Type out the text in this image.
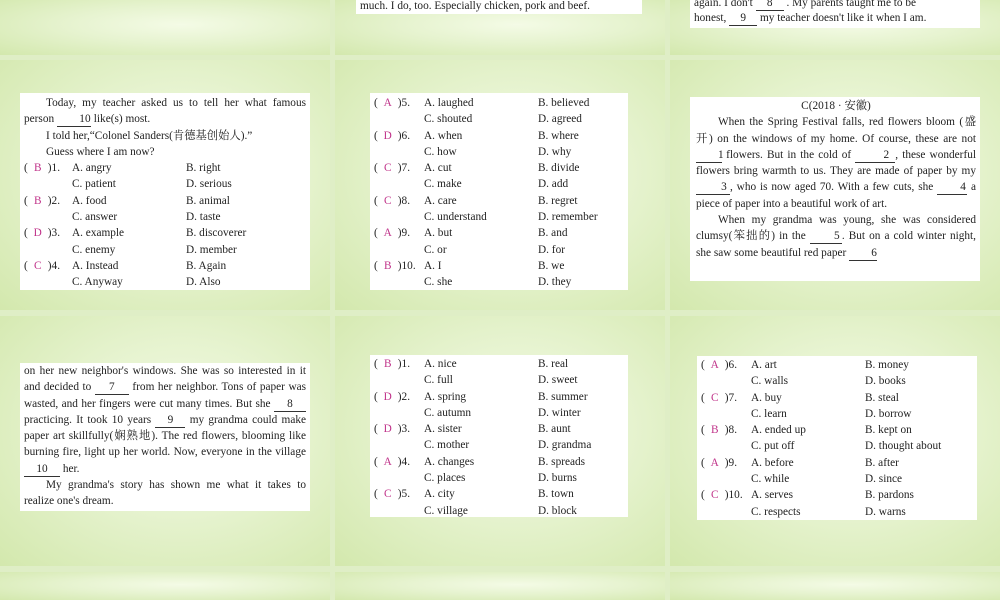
much. I do, too. Especially chicken, pork and beef.	again. I don't 8 . My parents taught me to be
honest, 9 my teacher doesn't like it when I am.

Today, my teacher asked us to tell her what famous person 10 like(s) most.

I told her,“Colonel Sanders(肯德基创始人).”

Guess where I am now?

( B )1.	A. angry	B. right
C. patient	D. serious
( B )2.	A. food	B. animal
C. answer	D. taste
( D )3.	A. example	B. discoverer
C. enemy	D. member
( C )4.	A. Instead	B. Again
C. Anyway	D. Also
( A )5.	A. laughed	B. believed
C. shouted	D. agreed
( D )6.	A. when	B. where
C. how	D. why
( C )7.	A. cut	B. divide
C. make	D. add
( C )8.	A. care	B. regret
C. understand	D. remember
( A )9.	A. but	B. and
C. or	D. for
( B )10. A. I	B. we
C. she	D. they
C(2018 · 安徽)

When the Spring Festival falls, red flowers bloom (盛开) on the windows of my home. Of course, these are not 1 flowers. But in the cold of	2 , these wonderful flowers bring warmth to us. They are made of paper by my 3 , who is now aged 70. With a few cuts, she 4 a piece of paper into a beautiful work of art.

When my grandma was young, she was considered clumsy(笨拙的) in the	5 . But on a cold winter night, she saw some beautiful red paper 6

on her new neighbor's windows. She was so interested in it and decided to 7 from her neighbor. Tons of paper was wasted, and her fingers were cut many times. But she 8 practicing. It took 10 years 9 my grandma could make paper art skillfully(娴熟地). The red flowers, blooming like burning fire, light up her world. Now, everyone in the village 10 her.

My grandma's story has shown me what it takes to realize one's dream.

( B )1.	A. nice	B. real
C. full	D. sweet
( D )2.	A. spring	B. summer
C. autumn	D. winter
( D )3.	A. sister	B. aunt
C. mother	D. grandma
( A )4.	A. changes	B. spreads
C. places	D. burns
( C )5.	A. city	B. town
C. village	D. block
( A )6.	A. art	B. money
C. walls	D. books
( C )7.	A. buy	B. steal
C. learn	D. borrow
( B )8.	A. ended up	B. kept on
C. put off	D. thought about
( A )9.	A. before	B. after
C. while	D. since
( C )10. A. serves	B. pardons
C. respects	D. warns
